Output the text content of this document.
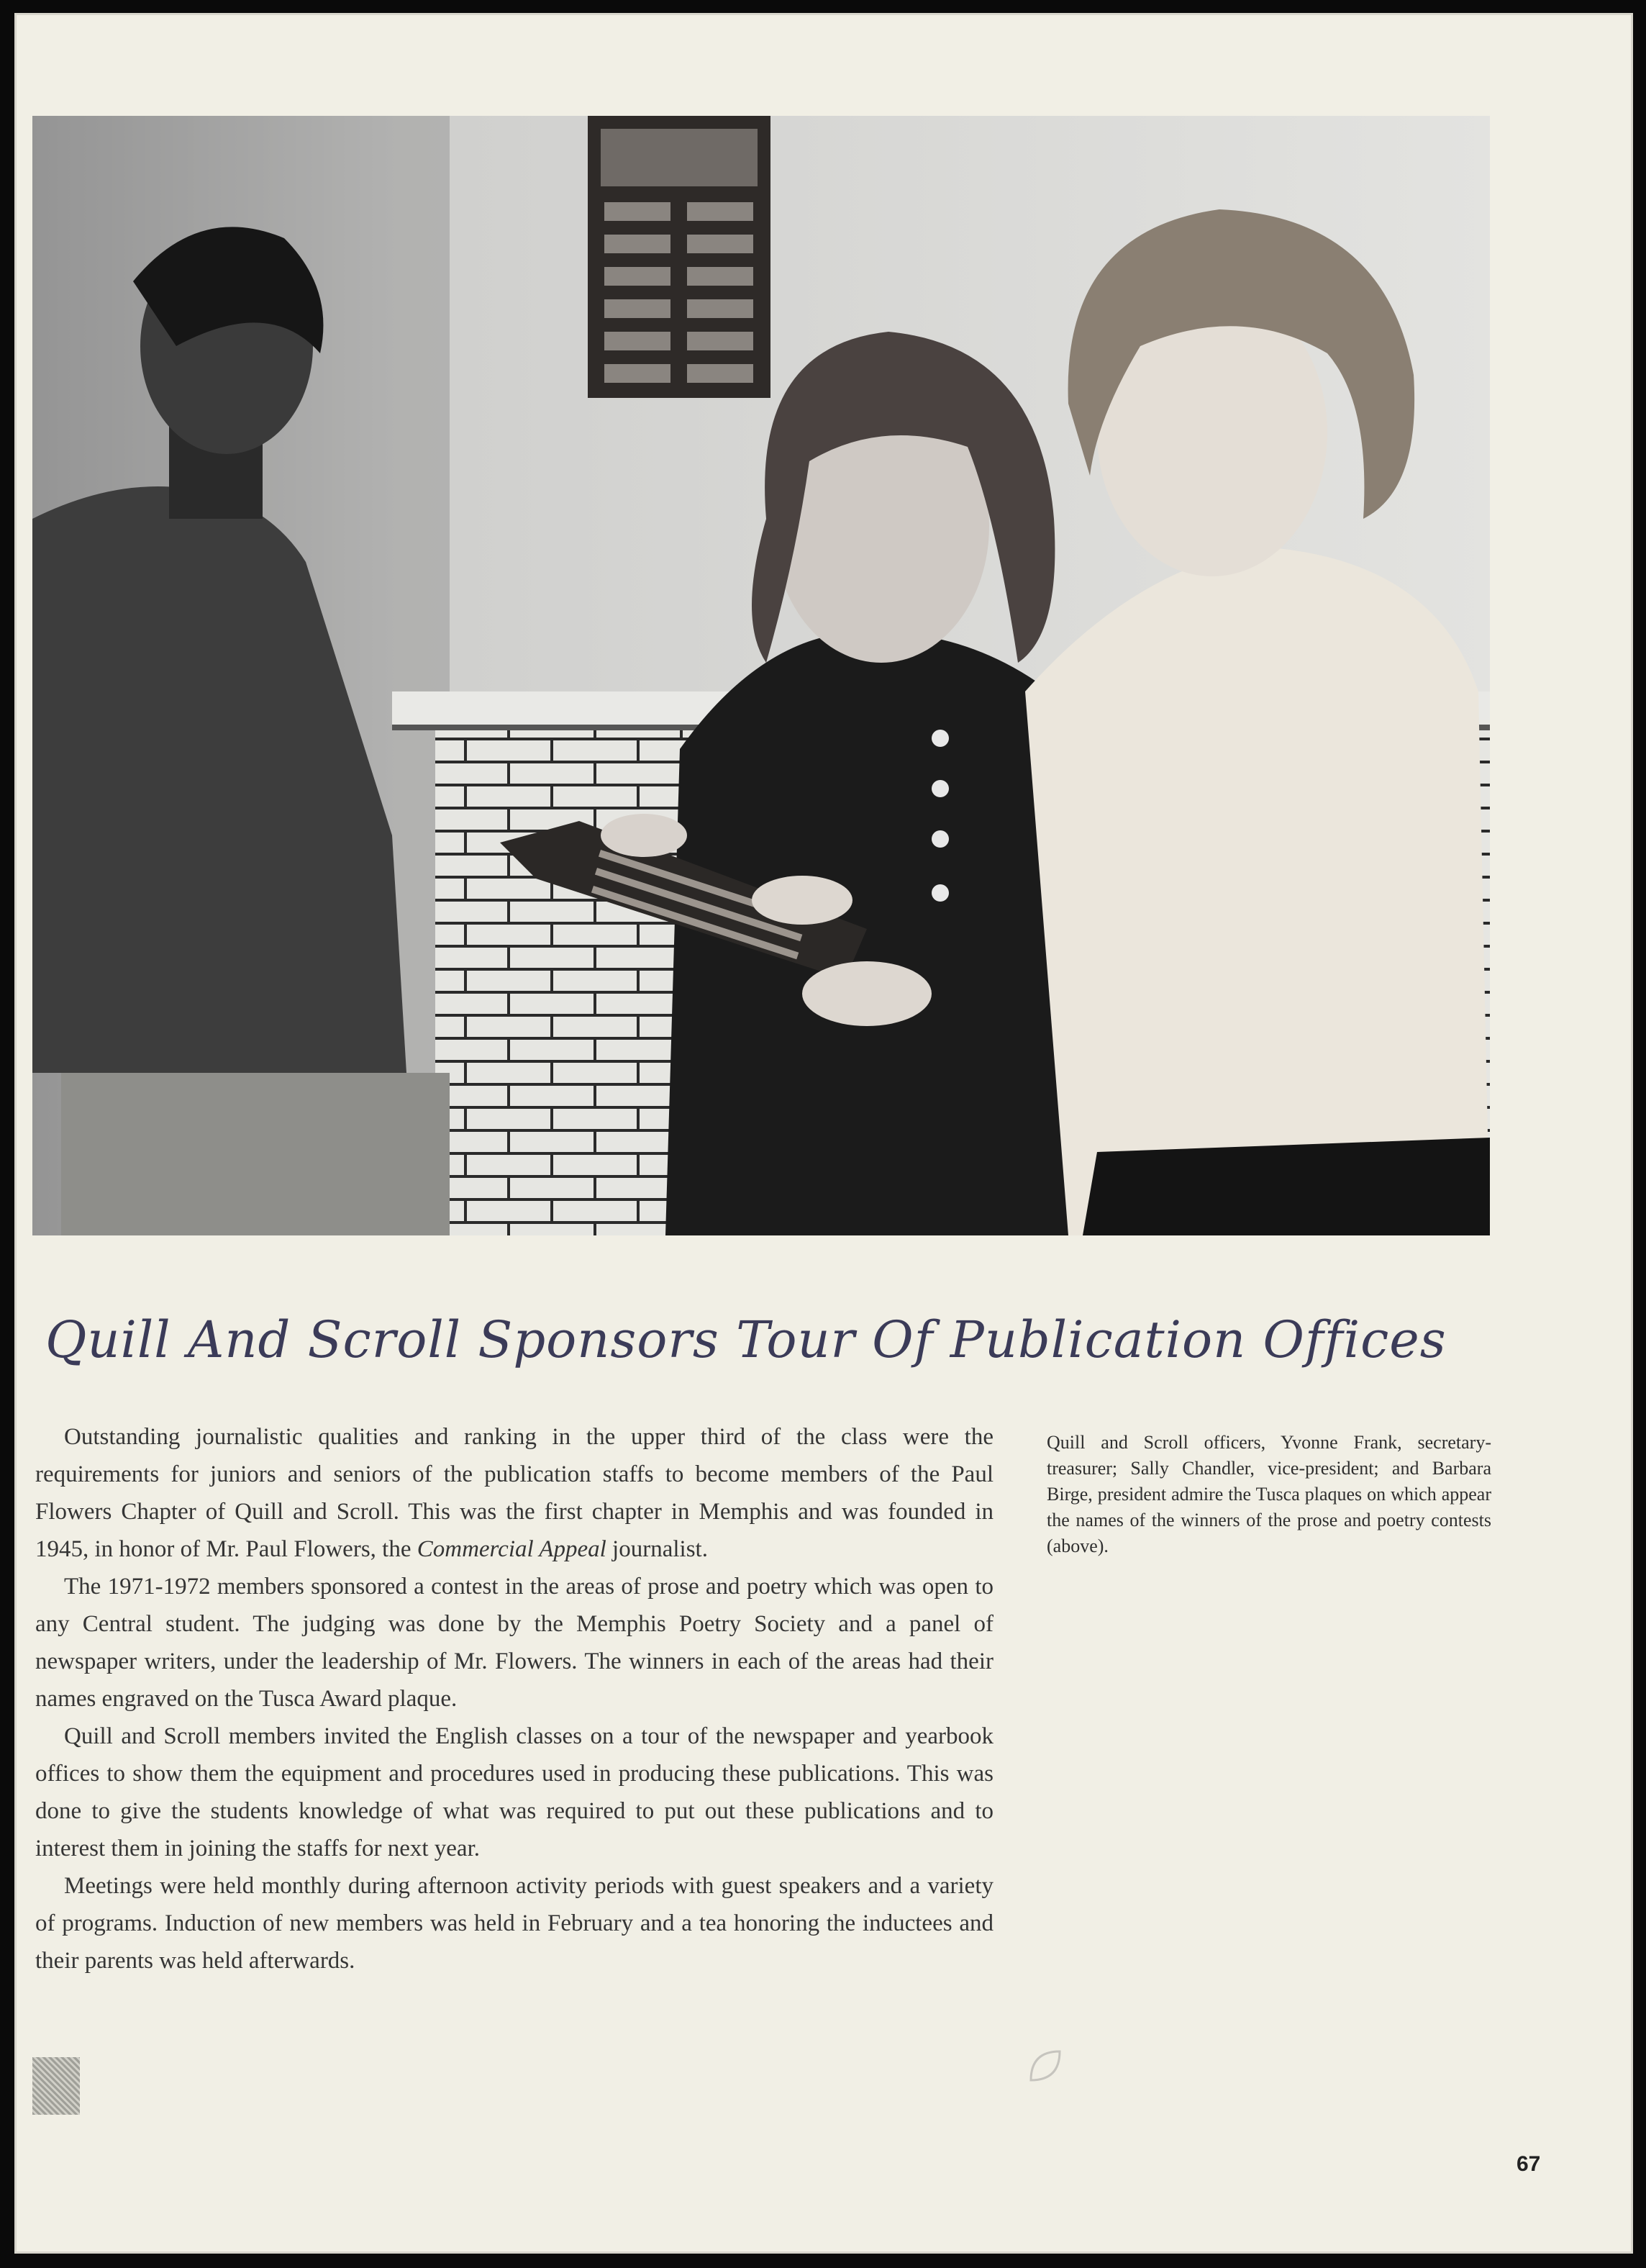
Quill And Scroll Sponsors Tour Of Publication Offices

Outstanding journalistic qualities and ranking in the upper third of the class were the requirements for juniors and seniors of the publication staffs to become members of the Paul Flowers Chapter of Quill and Scroll. This was the first chapter in Memphis and was founded in 1945, in honor of Mr. Paul Flowers, the Commercial Appeal journalist.

The 1971-1972 members sponsored a contest in the areas of prose and poetry which was open to any Central student. The judging was done by the Memphis Poetry Society and a panel of newspaper writers, under the leadership of Mr. Flowers. The winners in each of the areas had their names engraved on the Tusca Award plaque.

Quill and Scroll members invited the English classes on a tour of the newspaper and yearbook offices to show them the equipment and procedures used in producing these publications. This was done to give the students knowledge of what was required to put out these publications and to interest them in joining the staffs for next year.

Meetings were held monthly during afternoon activity periods with guest speakers and a variety of programs. Induction of new members was held in February and a tea honoring the inductees and their parents was held afterwards.

Quill and Scroll officers, Yvonne Frank, secretary-treasurer; Sally Chandler, vice-president; and Barbara Birge, president admire the Tusca plaques on which appear the names of the winners of the prose and poetry contests (above).
67
